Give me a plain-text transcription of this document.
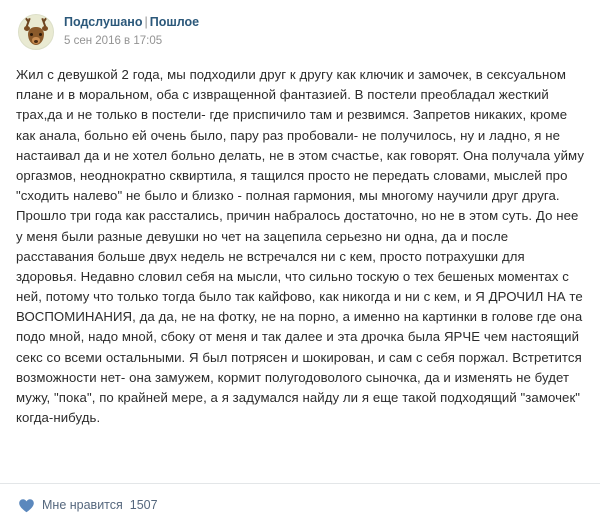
Подслушано | Пошлое
5 сен 2016 в 17:05

Жил с девушкой 2 года, мы подходили друг к другу как ключик и замочек, в сексуальном плане и в моральном, оба с извращенной фантазией. В постели преобладал жесткий трах,да и не только в постели- где приспичило там и резвимся. Запретов никаких, кроме как анала, больно ей очень было, пару раз пробовали- не получилось, ну и ладно, я не настаивал да и не хотел больно делать, не в этом счастье, как говорят. Она получала уйму оргазмов, неоднократно сквиртила, я тащился просто не передать словами, мыслей про "сходить налево" не было и близко - полная гармония, мы многому научили друг друга. Прошло три года как расстались, причин набралось достаточно, но не в этом суть. До нее у меня были разные девушки но чет на зацепила серьезно ни одна, да и после расставания больше двух недель не встречался ни с кем, просто потрахушки для здоровья. Недавно словил себя на мысли, что сильно тоскую о тех бешеных моментах с ней, потому что только тогда было так кайфово, как никогда и ни с кем, и Я ДРОЧИЛ НА те ВОСПОМИНАНИЯ, да да, не на фотку, не на порно, а именно на картинки в голове где она подо мной, надо мной, сбоку от меня и так далее и эта дрочка была ЯРЧЕ чем настоящий секс со всеми остальными. Я был потрясен и шокирован, и сам с себя поржал. Встретится возможности нет- она замужем, кормит полугодоволого сыночка, да и изменять не будет мужу, "пока", по крайней мере, а я задумался найду ли я еще такой подходящий "замочек" когда-нибудь.

Мне нравится 1507
